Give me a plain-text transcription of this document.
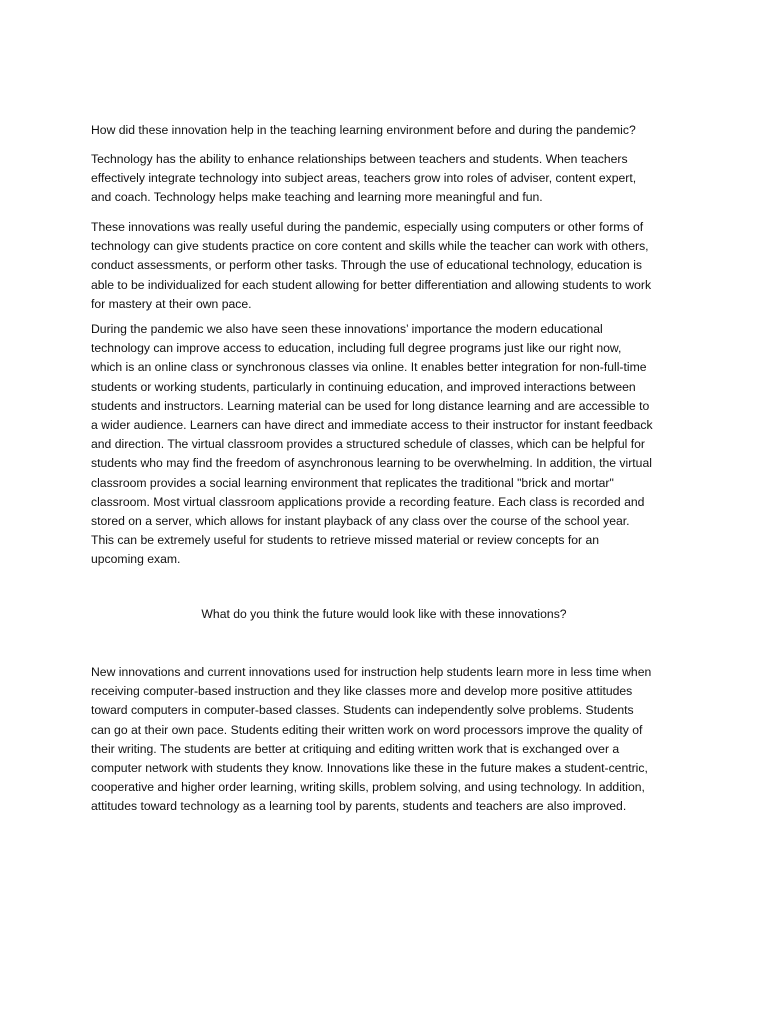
How did these innovation help in the teaching learning environment before and during the pandemic?

Technology has the ability to enhance relationships between teachers and students. When teachers effectively integrate technology into subject areas, teachers grow into roles of adviser, content expert, and coach. Technology helps make teaching and learning more meaningful and fun.

These innovations was really useful during the pandemic, especially using computers or other forms of technology can give students practice on core content and skills while the teacher can work with others, conduct assessments, or perform other tasks. Through the use of educational technology, education is able to be individualized for each student allowing for better differentiation and allowing students to work for mastery at their own pace.

During the pandemic we also have seen these innovations’ importance the modern educational technology can improve access to education, including full degree programs just like our right now, which is an online class or synchronous classes via online. It enables better integration for non-full-time students or working students, particularly in continuing education, and improved interactions between students and instructors. Learning material can be used for long distance learning and are accessible to a wider audience. Learners can have direct and immediate access to their instructor for instant feedback and direction. The virtual classroom provides a structured schedule of classes, which can be helpful for students who may find the freedom of asynchronous learning to be overwhelming. In addition, the virtual classroom provides a social learning environment that replicates the traditional "brick and mortar" classroom. Most virtual classroom applications provide a recording feature. Each class is recorded and stored on a server, which allows for instant playback of any class over the course of the school year. This can be extremely useful for students to retrieve missed material or review concepts for an upcoming exam.

What do you think the future would look like with these innovations?

New innovations and current innovations used for instruction help students learn more in less time when receiving computer-based instruction and they like classes more and develop more positive attitudes toward computers in computer-based classes. Students can independently solve problems. Students can go at their own pace. Students editing their written work on word processors improve the quality of their writing. The students are better at critiquing and editing written work that is exchanged over a computer network with students they know. Innovations like these in the future makes a student-centric, cooperative and higher order learning, writing skills, problem solving, and using technology. In addition, attitudes toward technology as a learning tool by parents, students and teachers are also improved.
